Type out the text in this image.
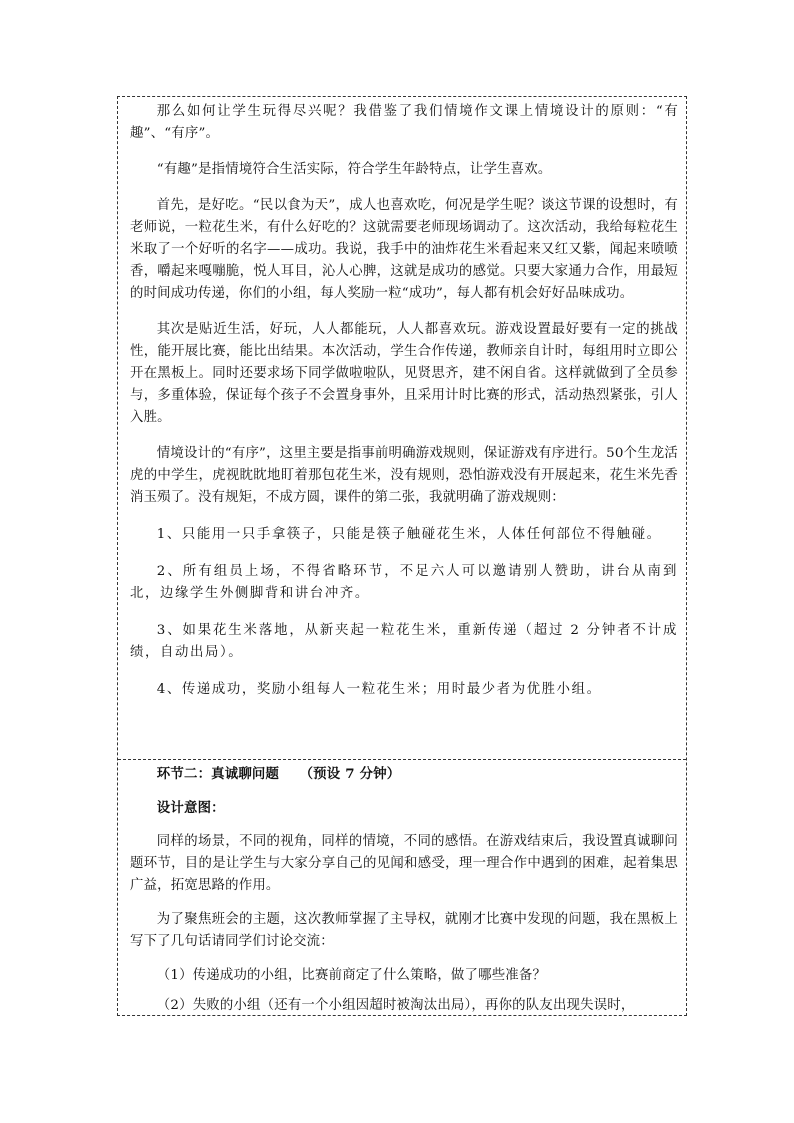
那么如何让学生玩得尽兴呢？我借鉴了我们情境作文课上情境设计的原则：“有趣”、“有序”。

“有趣”是指情境符合生活实际，符合学生年龄特点，让学生喜欢。

首先，是好吃。“民以食为天”，成人也喜欢吃，何况是学生呢？谈这节课的设想时，有老师说，一粒花生米，有什么好吃的？这就需要老师现场调动了。这次活动，我给每粒花生米取了一个好听的名字——成功。我说，我手中的油炸花生米看起来又红又紫，闻起来喷喷香，嚼起来嘎嘣脆，悦人耳目，沁人心脾，这就是成功的感觉。只要大家通力合作，用最短的时间成功传递，你们的小组，每人奖励一粒“成功”，每人都有机会好好品味成功。

其次是贴近生活，好玩，人人都能玩，人人都喜欢玩。游戏设置最好要有一定的挑战性，能开展比赛，能比出结果。本次活动，学生合作传递，教师亲自计时，每组用时立即公开在黑板上。同时还要求场下同学做啦啦队，见贤思齐，建不闲自省。这样就做到了全员参与，多重体验，保证每个孩子不会置身事外，且采用计时比赛的形式，活动热烈紧张，引人入胜。

情境设计的“有序”，这里主要是指事前明确游戏规则，保证游戏有序进行。50个生龙活虎的中学生，虎视眈眈地盯着那包花生米，没有规则，恐怕游戏没有开展起来，花生米先香消玉殒了。没有规矩，不成方圆，课件的第二张，我就明确了游戏规则：

1、只能用一只手拿筷子，只能是筷子触碰花生米，人体任何部位不得触碰。

2、所有组员上场，不得省略环节，不足六人可以邀请别人赞助，讲台从南到北，边缘学生外侧脚背和讲台冲齐。

3、如果花生米落地，从新夹起一粒花生米，重新传递（超过 2 分钟者不计成绩，自动出局）。

4、传递成功，奖励小组每人一粒花生米；用时最少者为优胜小组。

环节二：真诚聊问题　　（预设 7 分钟）

设计意图：

同样的场景，不同的视角，同样的情境，不同的感悟。在游戏结束后，我设置真诚聊问题环节，目的是让学生与大家分享自己的见闻和感受，理一理合作中遇到的困难，起着集思广益，拓宽思路的作用。

为了聚焦班会的主题，这次教师掌握了主导权，就刚才比赛中发现的问题，我在黑板上写下了几句话请同学们讨论交流：

（1）传递成功的小组，比赛前商定了什么策略，做了哪些准备？

（2）失败的小组（还有一个小组因超时被淘汰出局），再你的队友出现失误时，
